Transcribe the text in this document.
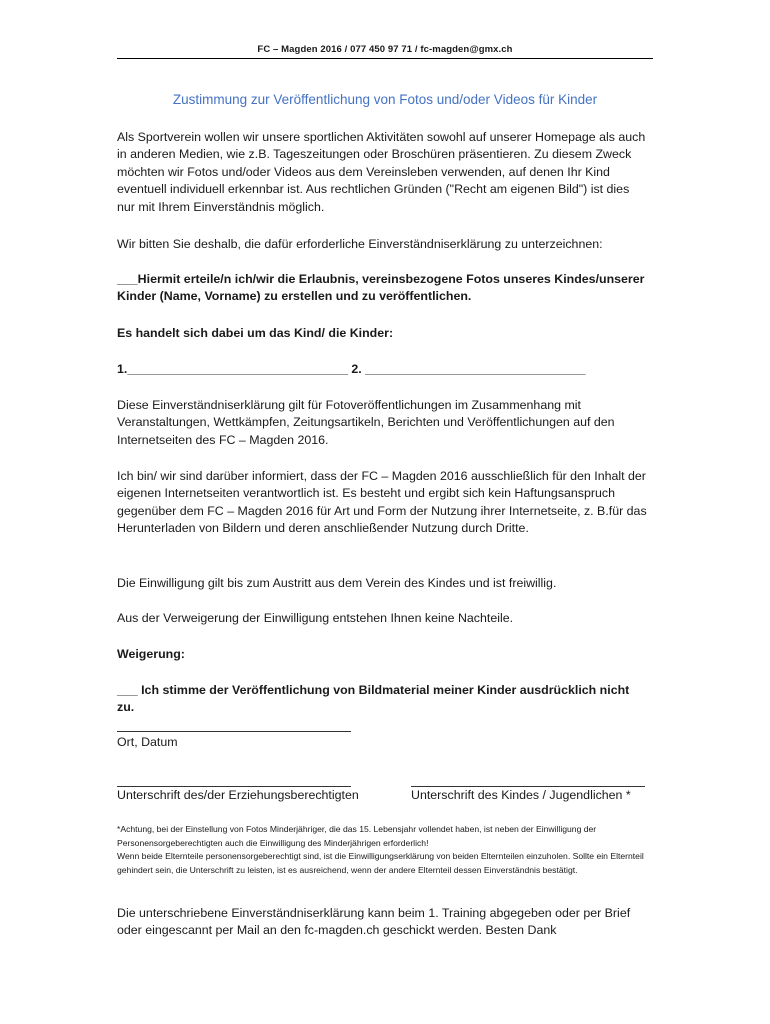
FC – Magden 2016 / 077 450 97 71 / fc-magden@gmx.ch
Zustimmung zur Veröffentlichung von Fotos und/oder Videos für Kinder
Als Sportverein wollen wir unsere sportlichen Aktivitäten sowohl auf unserer Homepage als auch in anderen Medien, wie z.B. Tageszeitungen oder Broschüren präsentieren. Zu diesem Zweck möchten wir Fotos und/oder Videos aus dem Vereinsleben verwenden, auf denen Ihr Kind eventuell individuell erkennbar ist. Aus rechtlichen Gründen ("Recht am eigenen Bild") ist dies nur mit Ihrem Einverständnis möglich.
Wir bitten Sie deshalb, die dafür erforderliche Einverständniserklärung zu unterzeichnen:
___Hiermit erteile/n ich/wir die Erlaubnis, vereinsbezogene Fotos unseres Kindes/unserer Kinder (Name, Vorname) zu erstellen und zu veröffentlichen.
Es handelt sich dabei um das Kind/ die Kinder:
1.________________________________ 2. ________________________________
Diese Einverständniserklärung gilt für Fotoveröffentlichungen im Zusammenhang mit Veranstaltungen, Wettkämpfen, Zeitungsartikeln, Berichten und Veröffentlichungen auf den Internetseiten des FC – Magden 2016.
Ich bin/ wir sind darüber informiert, dass der FC – Magden 2016 ausschließlich für den Inhalt der eigenen Internetseiten verantwortlich ist. Es besteht und ergibt sich kein Haftungsanspruch gegenüber dem FC – Magden 2016 für Art und Form der Nutzung ihrer Internetseite, z. B.für das Herunterladen von Bildern und deren anschließender Nutzung durch Dritte.
Die Einwilligung gilt bis zum Austritt aus dem Verein des Kindes und ist freiwillig.
Aus der Verweigerung der Einwilligung entstehen Ihnen keine Nachteile.
Weigerung:
___ Ich stimme der Veröffentlichung von Bildmaterial meiner Kinder ausdrücklich nicht zu.
Ort, Datum
Unterschrift des/der Erziehungsberechtigten	Unterschrift des Kindes / Jugendlichen *
*Achtung, bei der Einstellung von Fotos Minderjähriger, die das 15. Lebensjahr vollendet haben, ist neben der Einwilligung der Personensorgeberechtigten auch die Einwilligung des Minderjährigen erforderlich!
Wenn beide Elternteile personensorgeberechtigt sind, ist die Einwilligungserklärung von beiden Elternteilen einzuholen. Sollte ein Elternteil gehindert sein, die Unterschrift zu leisten, ist es ausreichend, wenn der andere Elternteil dessen Einverständnis bestätigt.
Die unterschriebene Einverständniserklärung kann beim 1. Training abgegeben oder per Brief oder eingescannt per Mail an den fc-magden.ch geschickt werden. Besten Dank
